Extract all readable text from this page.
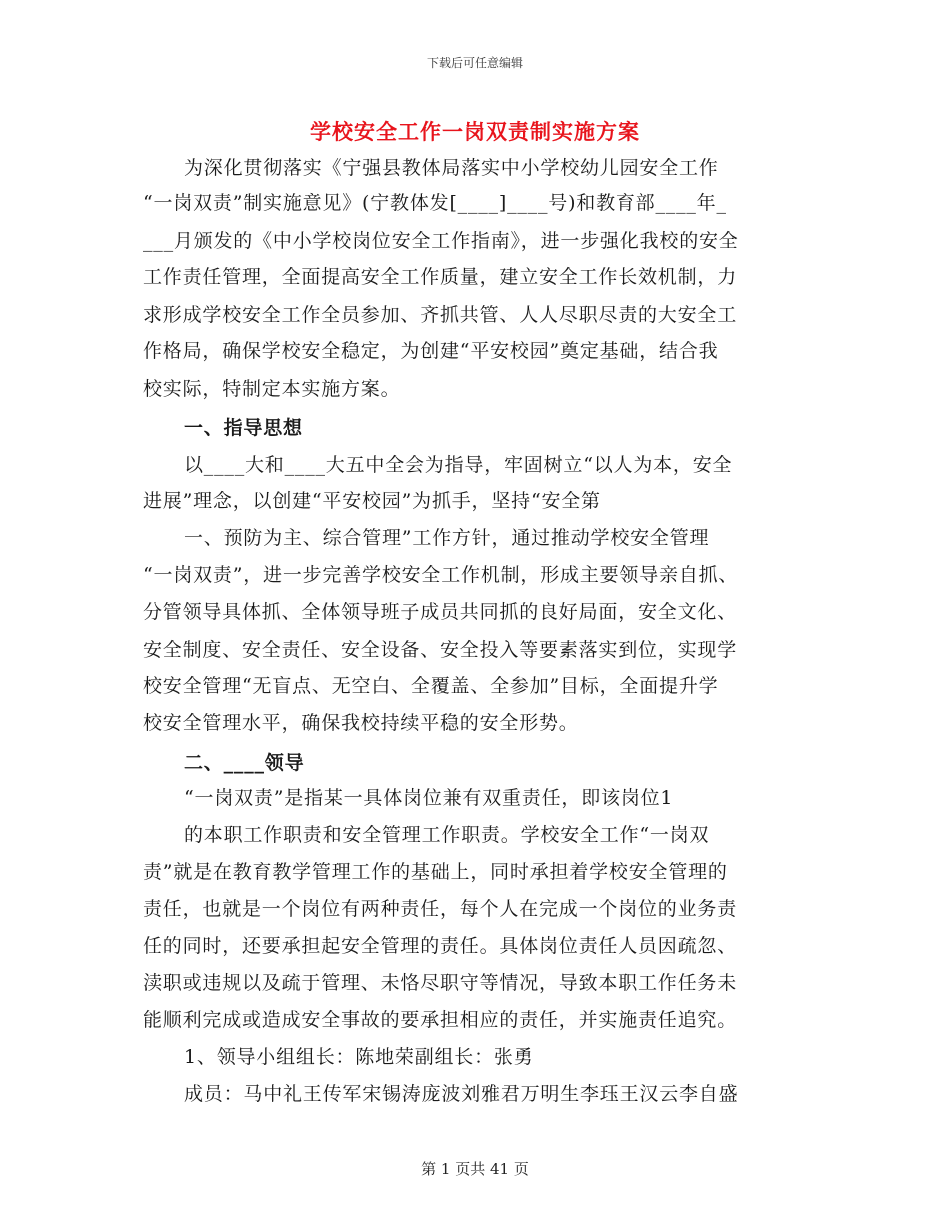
下载后可任意编辑
学校安全工作一岗双责制实施方案
为深化贯彻落实《宁强县教体局落实中小学校幼儿园安全工作
“一岗双责”制实施意见》(宁教体发[____]____号)和教育部____年_
___月颁发的《中小学校岗位安全工作指南》，进一步强化我校的安全
工作责任管理，全面提高安全工作质量，建立安全工作长效机制，力
求形成学校安全工作全员参加、齐抓共管、人人尽职尽责的大安全工
作格局，确保学校安全稳定，为创建“平安校园”奠定基础，结合我
校实际，特制定本实施方案。
一、指导思想
以____大和____大五中全会为指导，牢固树立“以人为本，安全
进展”理念，以创建“平安校园”为抓手，坚持“安全第
一、预防为主、综合管理”工作方针，通过推动学校安全管理
“一岗双责”，进一步完善学校安全工作机制，形成主要领导亲自抓、
分管领导具体抓、全体领导班子成员共同抓的良好局面，安全文化、
安全制度、安全责任、安全设备、安全投入等要素落实到位，实现学
校安全管理“无盲点、无空白、全覆盖、全参加”目标，全面提升学
校安全管理水平，确保我校持续平稳的安全形势。
二、____领导
“一岗双责”是指某一具体岗位兼有双重责任，即该岗位1
的本职工作职责和安全管理工作职责。学校安全工作“一岗双
责”就是在教育教学管理工作的基础上，同时承担着学校安全管理的
责任，也就是一个岗位有两种责任，每个人在完成一个岗位的业务责
任的同时，还要承担起安全管理的责任。具体岗位责任人员因疏忽、
渎职或违规以及疏于管理、未恪尽职守等情况，导致本职工作任务未
能顺利完成或造成安全事故的要承担相应的责任，并实施责任追究。
1、领导小组组长：陈地荣副组长：张勇
成员：马中礼王传军宋锡涛庞波刘雅君万明生李珏王汉云李自盛
第 1 页共 41 页
